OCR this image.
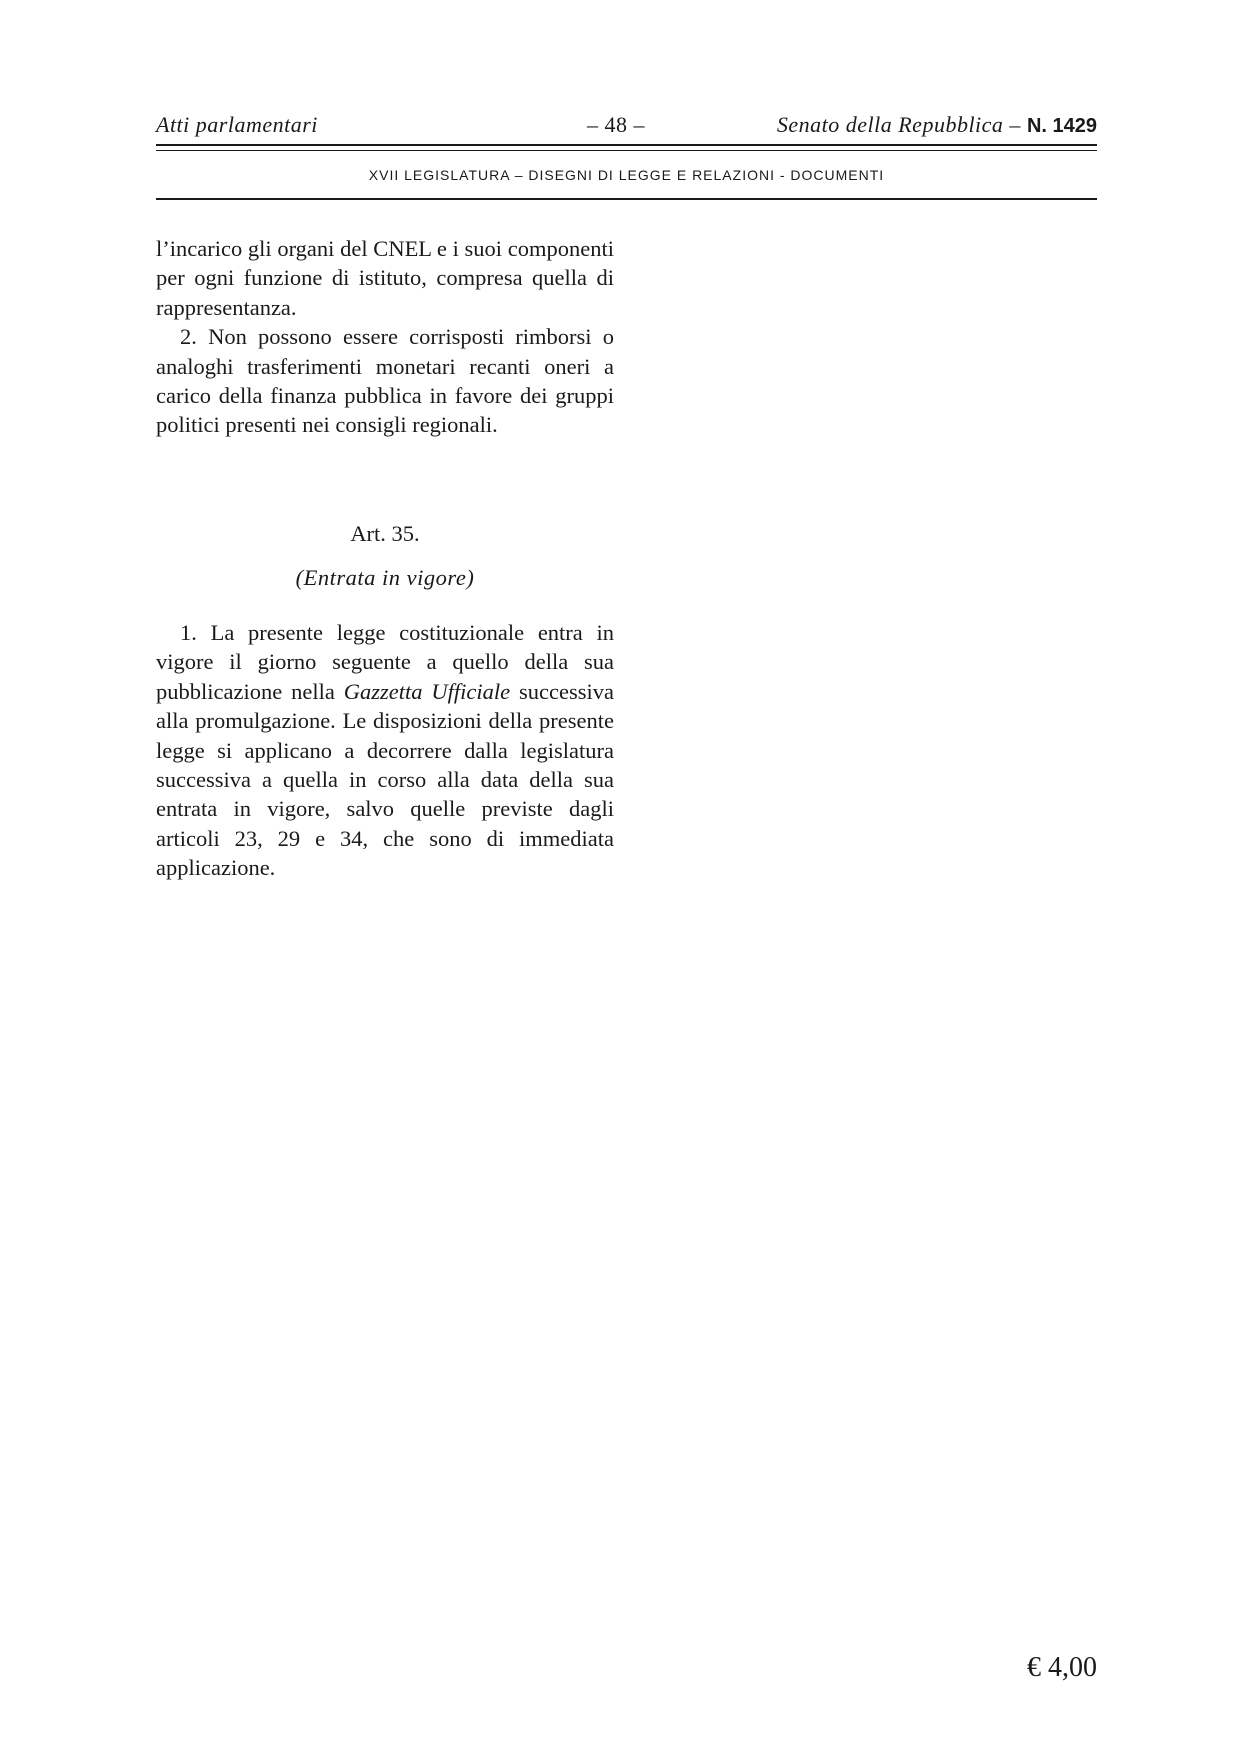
Atti parlamentari	– 48 –	Senato della Repubblica – N. 1429
XVII LEGISLATURA – DISEGNI DI LEGGE E RELAZIONI - DOCUMENTI

l’incarico gli organi del CNEL e i suoi componenti per ogni funzione di istituto, compresa quella di rappresentanza.

2. Non possono essere corrisposti rimborsi o analoghi trasferimenti monetari recanti oneri a carico della finanza pubblica in favore dei gruppi politici presenti nei consigli regionali.

Art. 35.
(Entrata in vigore)

1. La presente legge costituzionale entra in vigore il giorno seguente a quello della sua pubblicazione nella Gazzetta Ufficiale successiva alla promulgazione. Le disposizioni della presente legge si applicano a decorrere dalla legislatura successiva a quella in corso alla data della sua entrata in vigore, salvo quelle previste dagli articoli 23, 29 e 34, che sono di immediata applicazione.

€ 4,00
